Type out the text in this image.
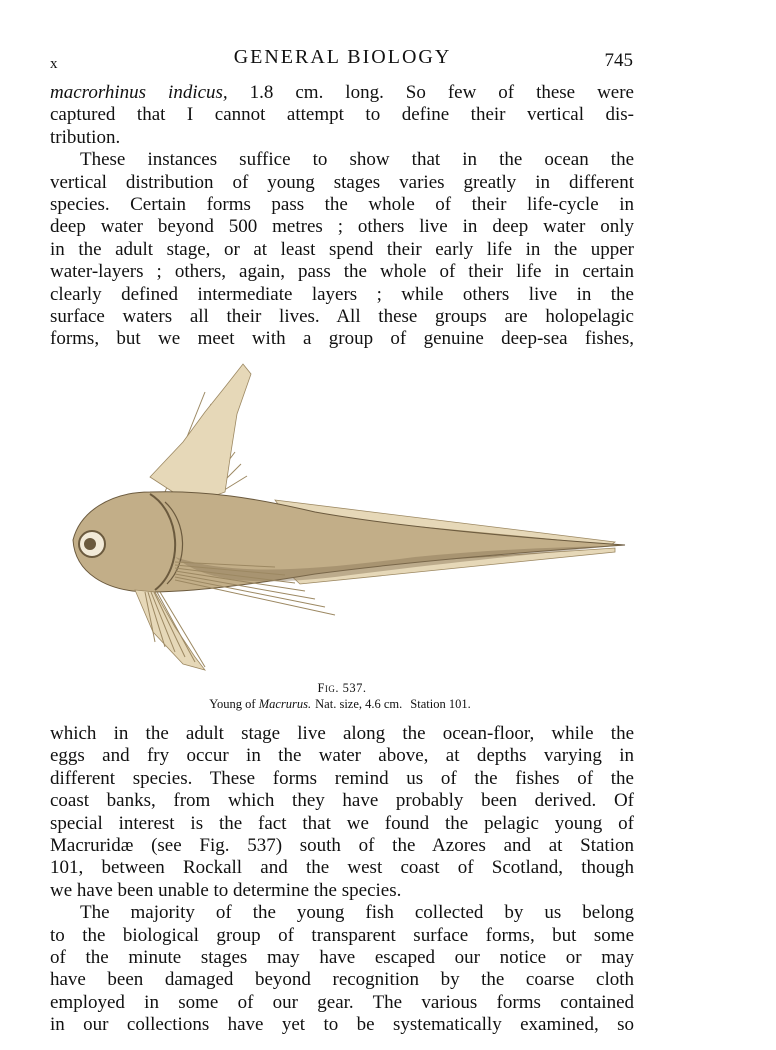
x	GENERAL BIOLOGY	745
macrorhinus indicus, 1.8 cm. long. So few of these were
captured that I cannot attempt to define their vertical dis-
tribution.
These instances suffice to show that in the ocean the
vertical distribution of young stages varies greatly in different
species. Certain forms pass the whole of their life-cycle in
deep water beyond 500 metres ; others live in deep water only
in the adult stage, or at least spend their early life in the upper
water-layers ; others, again, pass the whole of their life in certain
clearly defined intermediate layers ; while others live in the
surface waters all their lives. All these groups are holopelagic
forms, but we meet with a group of genuine deep-sea fishes,
Fig. 537.
Young of Macrurus. Nat. size, 4.6 cm. Station 101.
which in the adult stage live along the ocean-floor, while the
eggs and fry occur in the water above, at depths varying in
different species. These forms remind us of the fishes of the
coast banks, from which they have probably been derived. Of
special interest is the fact that we found the pelagic young of
Macruridæ (see Fig. 537) south of the Azores and at Station
101, between Rockall and the west coast of Scotland, though
we have been unable to determine the species.
The majority of the young fish collected by us belong
to the biological group of transparent surface forms, but some
of the minute stages may have escaped our notice or may
have been damaged beyond recognition by the coarse cloth
employed in some of our gear. The various forms contained
in our collections have yet to be systematically examined, so
